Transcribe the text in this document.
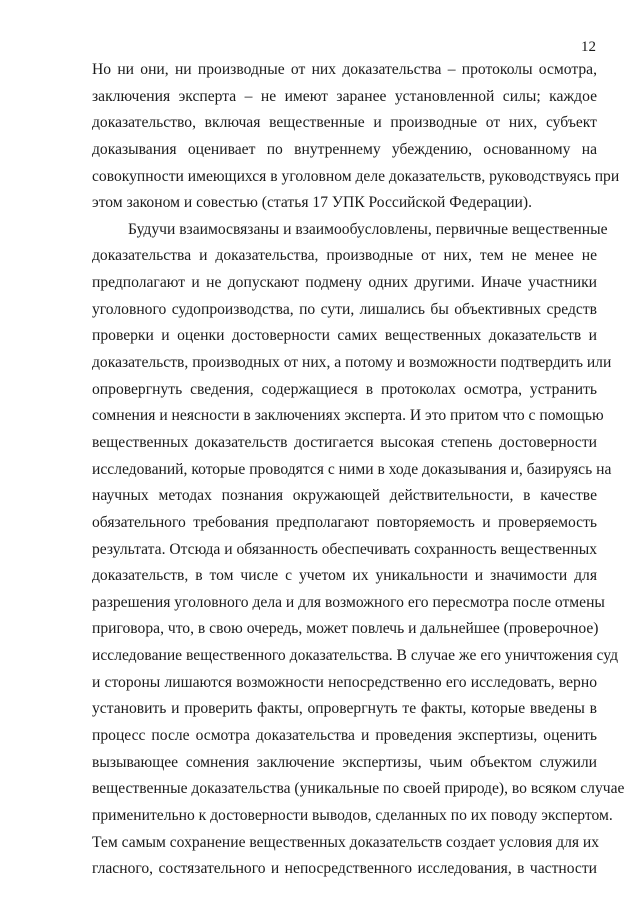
12
Но ни они, ни производные от них доказательства – протоколы осмотра,
заключения эксперта – не имеют заранее установленной силы; каждое
доказательство, включая вещественные и производные от них, субъект
доказывания оценивает по внутреннему убеждению, основанному на
совокупности имеющихся в уголовном деле доказательств, руководствуясь при
этом законом и совестью (статья 17 УПК Российской Федерации).
Будучи взаимосвязаны и взаимообусловлены, первичные вещественные
доказательства и доказательства, производные от них, тем не менее не
предполагают и не допускают подмену одних другими. Иначе участники
уголовного судопроизводства, по сути, лишались бы объективных средств
проверки и оценки достоверности самих вещественных доказательств и
доказательств, производных от них, а потому и возможности подтвердить или
опровергнуть сведения, содержащиеся в протоколах осмотра, устранить
сомнения и неясности в заключениях эксперта. И это притом что с помощью
вещественных доказательств достигается высокая степень достоверности
исследований, которые проводятся с ними в ходе доказывания и, базируясь на
научных методах познания окружающей действительности, в качестве
обязательного требования предполагают повторяемость и проверяемость
результата. Отсюда и обязанность обеспечивать сохранность вещественных
доказательств, в том числе с учетом их уникальности и значимости для
разрешения уголовного дела и для возможного его пересмотра после отмены
приговора, что, в свою очередь, может повлечь и дальнейшее (проверочное)
исследование вещественного доказательства. В случае же его уничтожения суд
и стороны лишаются возможности непосредственно его исследовать, верно
установить и проверить факты, опровергнуть те факты, которые введены в
процесс после осмотра доказательства и проведения экспертизы, оценить
вызывающее сомнения заключение экспертизы, чьим объектом служили
вещественные доказательства (уникальные по своей природе), во всяком случае
применительно к достоверности выводов, сделанных по их поводу экспертом.
Тем самым сохранение вещественных доказательств создает условия для их
гласного, состязательного и непосредственного исследования, в частности
